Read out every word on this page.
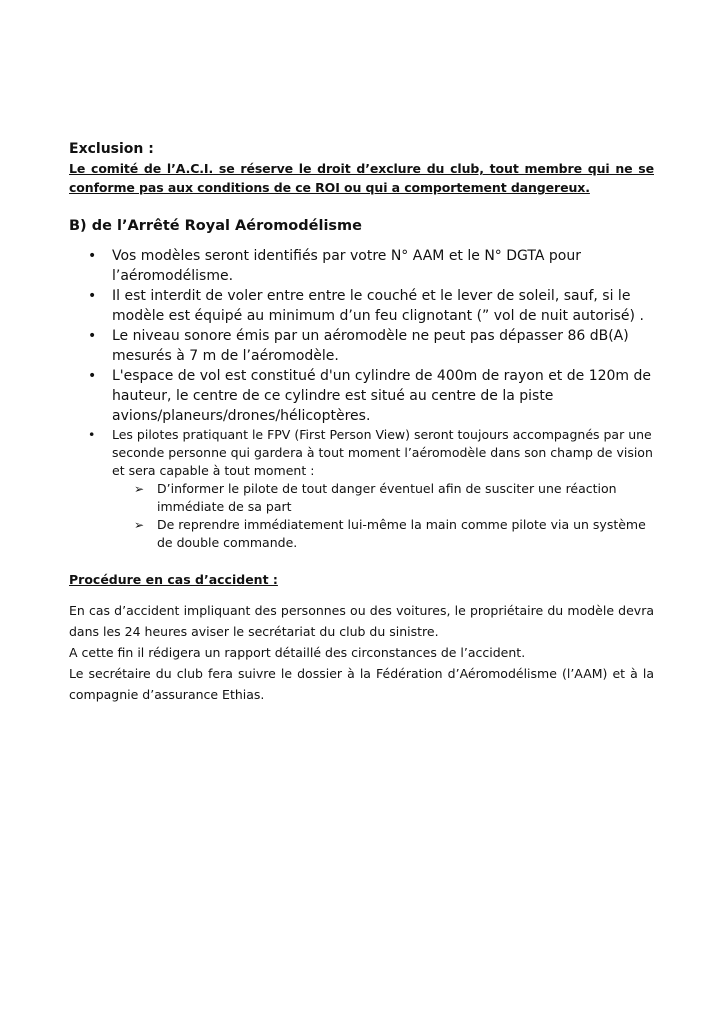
Exclusion :

Le comité de l’A.C.I. se réserve le droit d’exclure du club, tout membre qui ne se conforme pas aux conditions de ce ROI ou qui a comportement dangereux.

B) de l’Arrêté Royal Aéromodélisme
• Vos modèles seront identifiés par votre N° AAM et le N° DGTA pour l’aéromodélisme.
• Il est interdit de voler entre entre le couché et le lever de soleil, sauf, si le modèle est équipé au minimum d’un feu clignotant (” vol de nuit autorisé) .
• Le niveau sonore émis par un aéromodèle ne peut pas dépasser 86 dB(A) mesurés à 7 m de l’aéromodèle.
• L'espace de vol est constitué d'un cylindre de 400m de rayon et de 120m de hauteur, le centre de ce cylindre est situé au centre de la piste avions/planeurs/drones/hélicoptères.
• Les pilotes pratiquant le FPV (First Person View) seront toujours accompagnés par une seconde personne qui gardera à tout moment l’aéromodèle dans son champ de vision et sera capable à tout moment :
➢ D’informer le pilote de tout danger éventuel afin de susciter une réaction immédiate de sa part
➢ De reprendre immédiatement lui-même la main comme pilote via un système de double commande.
Procédure en cas d’accident :

En cas d’accident impliquant des personnes ou des voitures, le propriétaire du modèle devra dans les 24 heures aviser le secrétariat du club du sinistre.

A cette fin il rédigera un rapport détaillé des circonstances de l’accident.

Le secrétaire du club fera suivre le dossier à la Fédération d’Aéromodélisme (l’AAM) et à la compagnie d’assurance Ethias.
